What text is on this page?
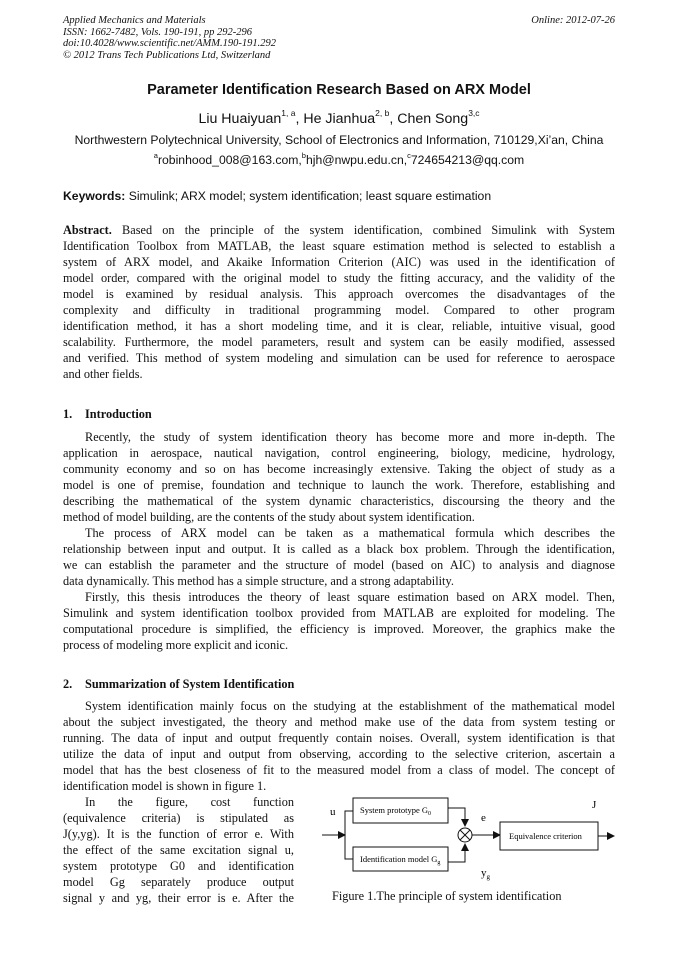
Applied Mechanics and Materials
ISSN: 1662-7482, Vols. 190-191, pp 292-296
doi:10.4028/www.scientific.net/AMM.190-191.292
© 2012 Trans Tech Publications Ltd, Switzerland
Online: 2012-07-26
Parameter Identification Research Based on ARX Model
Liu Huaiyuan$^{1, a}$, He Jianhua$^{2, b}$, Chen Song$^{3,c}$
Northwestern Polytechnical University, School of Electronics and Information, 710129,Xi’an, China
$^a$robinhood_008@163.com,$^b$hjh@nwpu.edu.cn,$^c$724654213@qq.com
Keywords: Simulink; ARX model; system identification; least square estimation
Abstract. Based on the principle of the system identification, combined Simulink with System
Identification Toolbox from MATLAB, the least square estimation method is selected to establish a
system of ARX model, and Akaike Information Criterion (AIC) was used in the identification of
model order, compared with the original model to study the fitting accuracy, and the validity of the
model is examined by residual analysis. This approach overcomes the disadvantages of the
complexity and difficulty in traditional programming model. Compared to other program
identification method, it has a short modeling time, and it is clear, reliable, intuitive visual, good
scalability. Furthermore, the model parameters, result and system can be easily modified, assessed
and verified. This method of system modeling and simulation can be used for reference to aerospace
and other fields.
1. Introduction
Recently, the study of system identification theory has become more and more in-depth. The
application in aerospace, nautical navigation, control engineering, biology, medicine, hydrology,
community economy and so on has become increasingly extensive. Taking the object of study as a
model is one of premise, foundation and technique to launch the work. Therefore, establishing and
describing the mathematical of the system dynamic characteristics, discoursing the theory and the
method of model building, are the contents of the study about system identification.
The process of ARX model can be taken as a mathematical formula which describes the
relationship between input and output. It is called as a black box problem. Through the identification,
we can establish the parameter and the structure of model (based on AIC) to analysis and diagnose
data dynamically. This method has a simple structure, and a strong adaptability.
Firstly, this thesis introduces the theory of least square estimation based on ARX model. Then,
Simulink and system identification toolbox provided from MATLAB are exploited for modeling. The
computational procedure is simplified, the efficiency is improved. Moreover, the graphics make the
process of modeling more explicit and iconic.
2. Summarization of System Identification
System identification mainly focus on the studying at the establishment of the mathematical model
about the subject investigated, the theory and method make use of the data from system testing or
running. The data of input and output frequently contain noises. Overall, system identification is that
utilize the data of input and output from observing, according to the selective criterion, ascertain a
model that has the best closeness of fit to the measured model from a class of model. The concept of
identification model is shown in figure 1.
In the figure, cost function
(equivalence criteria) is stipulated as
J(y,yg). It is the function of error e. With
the effect of the same excitation signal u,
system prototype G0 and identification
model Gg separately produce output
signal y and yg, their error is e. After the
System prototype $G_0$
Identification model $G_g$
Equivalence criterion
u	e
J
$y_g$
Figure 1.The principle of system identification
